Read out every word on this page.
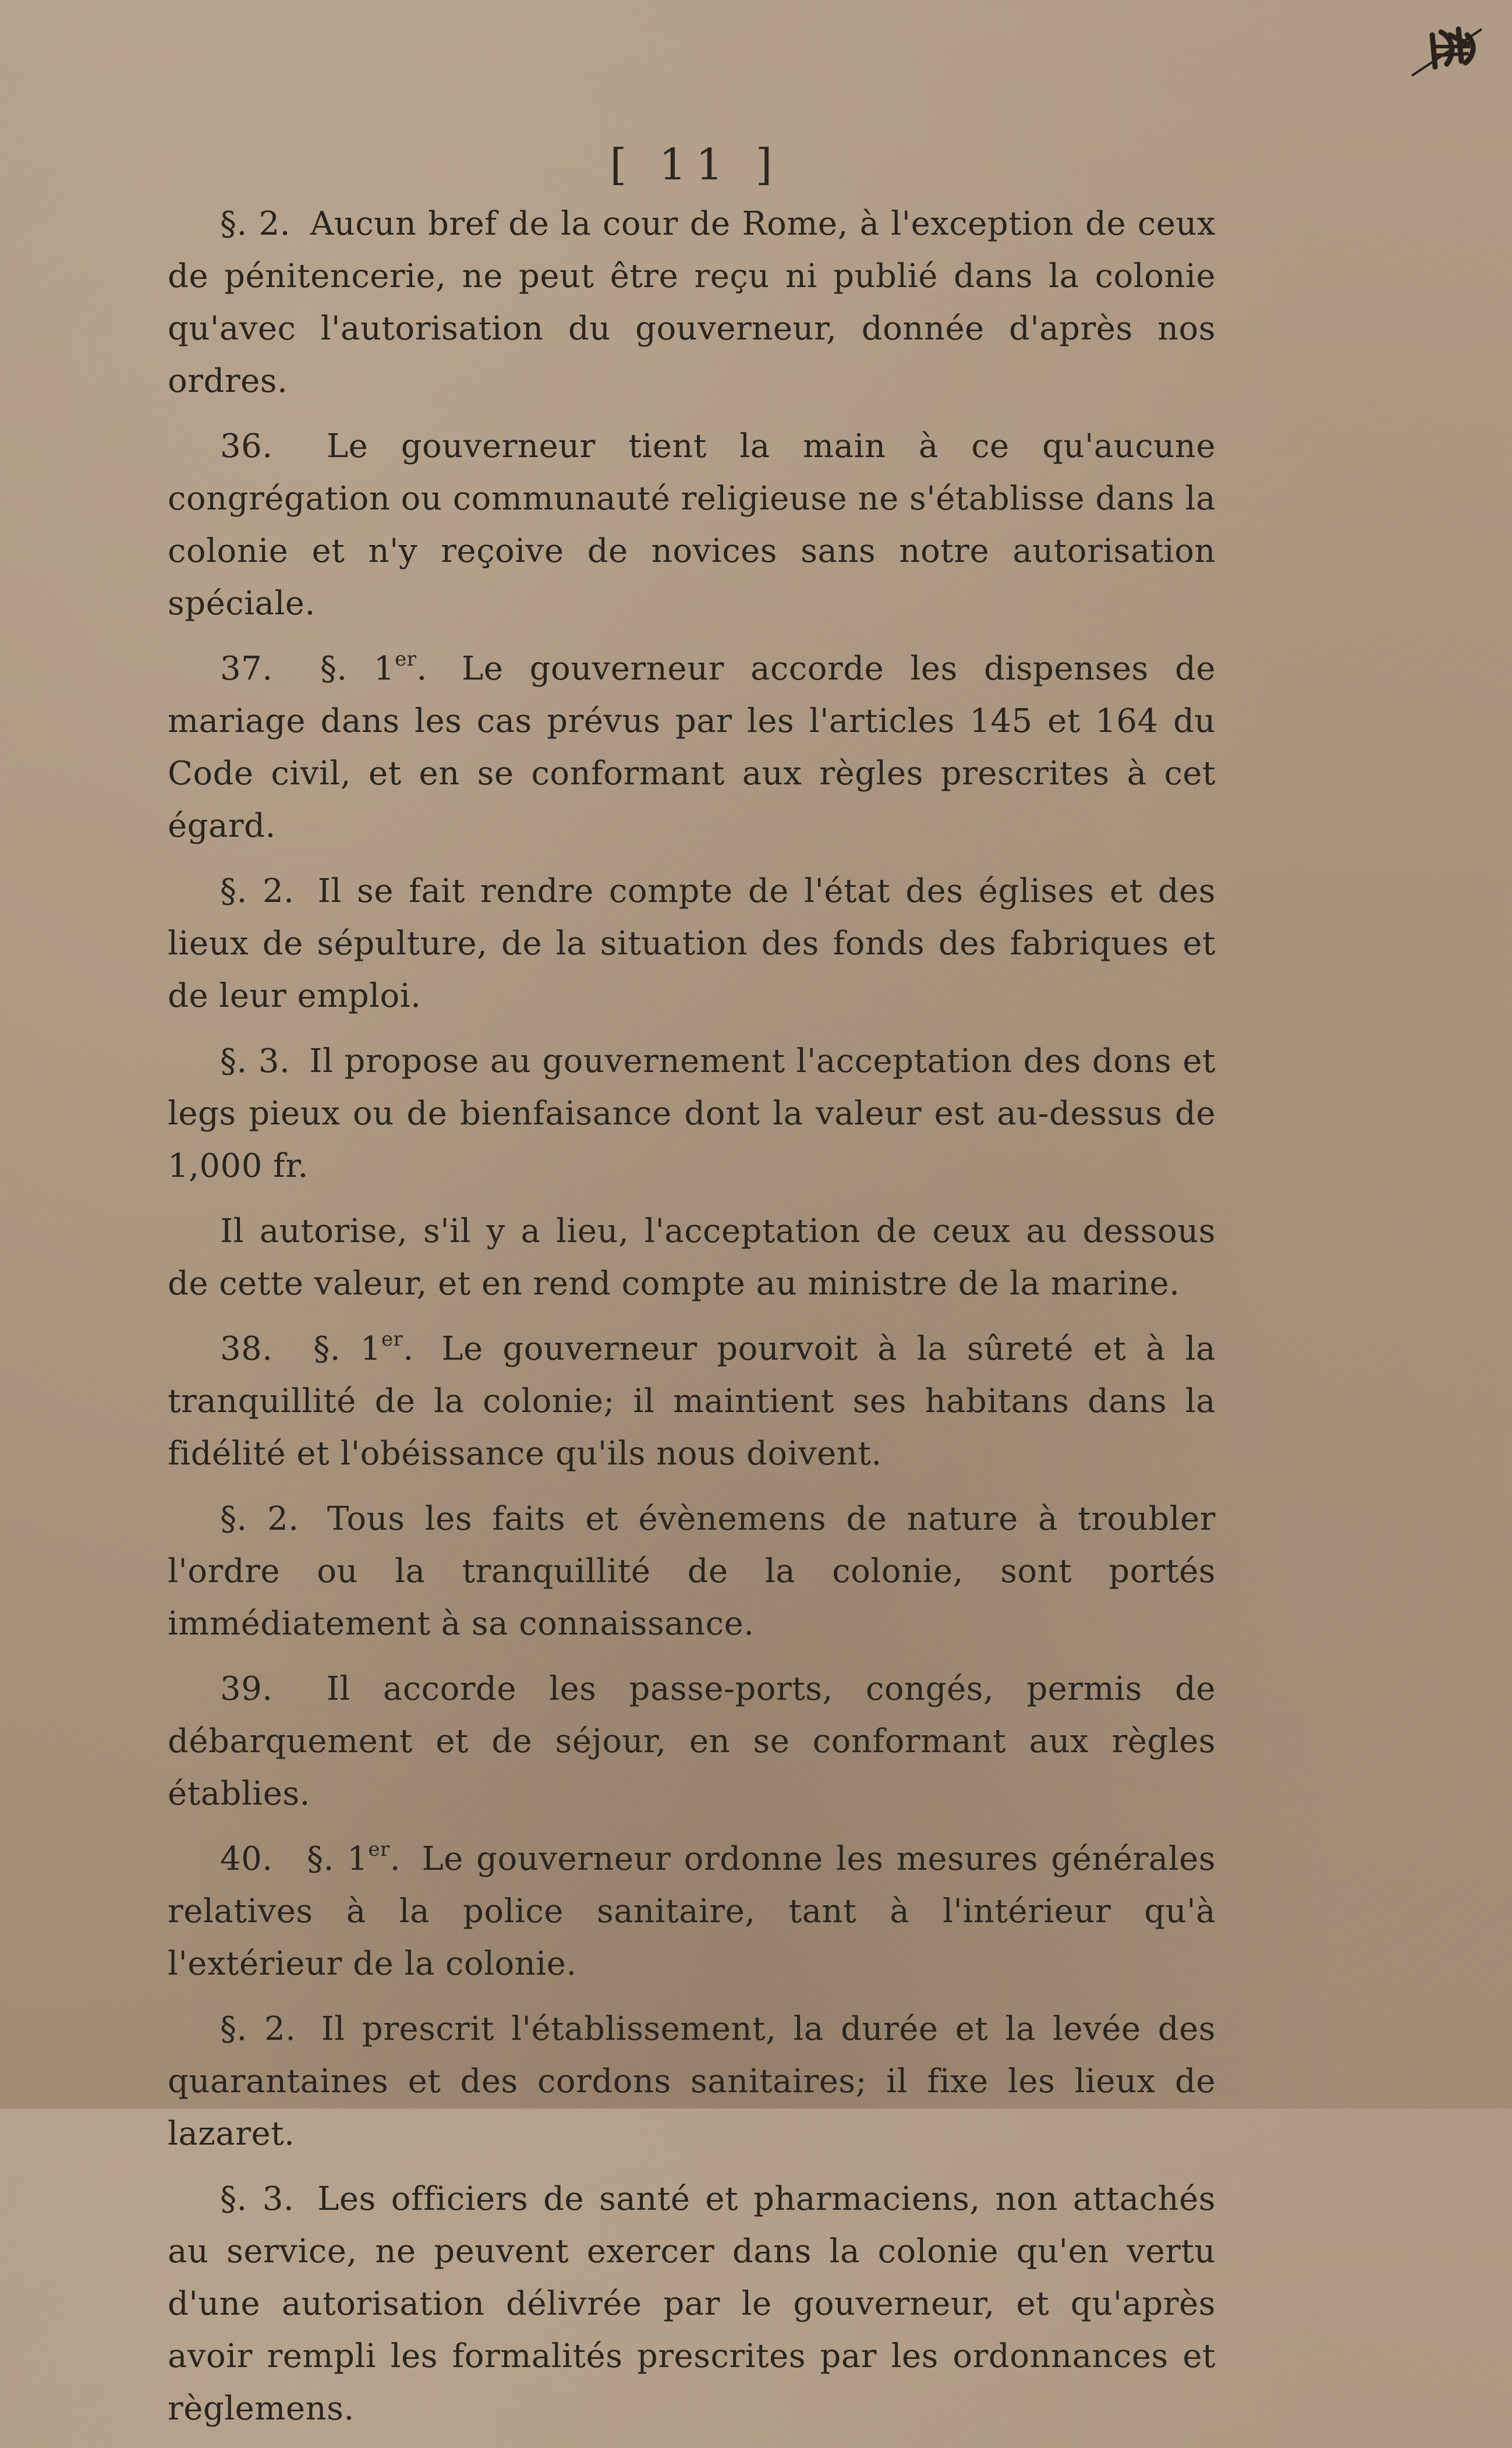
[ 11 ]

§. 2. Aucun bref de la cour de Rome, à l'exception de ceux de pénitencerie, ne peut être reçu ni publié dans la colonie qu'avec l'autorisation du gouverneur, donnée d'après nos ordres.

36. Le gouverneur tient la main à ce qu'aucune congrégation ou communauté religieuse ne s'établisse dans la colonie et n'y reçoive de novices sans notre autorisation spéciale.

37. §. 1er. Le gouverneur accorde les dispenses de mariage dans les cas prévus par les l'articles 145 et 164 du Code civil, et en se conformant aux règles prescrites à cet égard.

§. 2. Il se fait rendre compte de l'état des églises et des lieux de sépulture, de la situation des fonds des fabriques et de leur emploi.

§. 3. Il propose au gouvernement l'acceptation des dons et legs pieux ou de bienfaisance dont la valeur est au-dessus de 1,000 fr.

Il autorise, s'il y a lieu, l'acceptation de ceux au dessous de cette valeur, et en rend compte au ministre de la marine.

38. §. 1er. Le gouverneur pourvoit à la sûreté et à la tranquillité de la colonie; il maintient ses habitans dans la fidélité et l'obéissance qu'ils nous doivent.

§. 2. Tous les faits et évènemens de nature à troubler l'ordre ou la tranquillité de la colonie, sont portés immédiatement à sa connaissance.

39. Il accorde les passe-ports, congés, permis de débarquement et de séjour, en se conformant aux règles établies.

40. §. 1er. Le gouverneur ordonne les mesures générales relatives à la police sanitaire, tant à l'intérieur qu'à l'extérieur de la colonie.

§. 2. Il prescrit l'établissement, la durée et la levée des quarantaines et des cordons sanitaires; il fixe les lieux de lazaret.

§. 3. Les officiers de santé et pharmaciens, non attachés au service, ne peuvent exercer dans la colonie qu'en vertu d'une autorisation délivrée par le gouverneur, et qu'après avoir rempli les formalités prescrites par les ordonnances et règlemens.
